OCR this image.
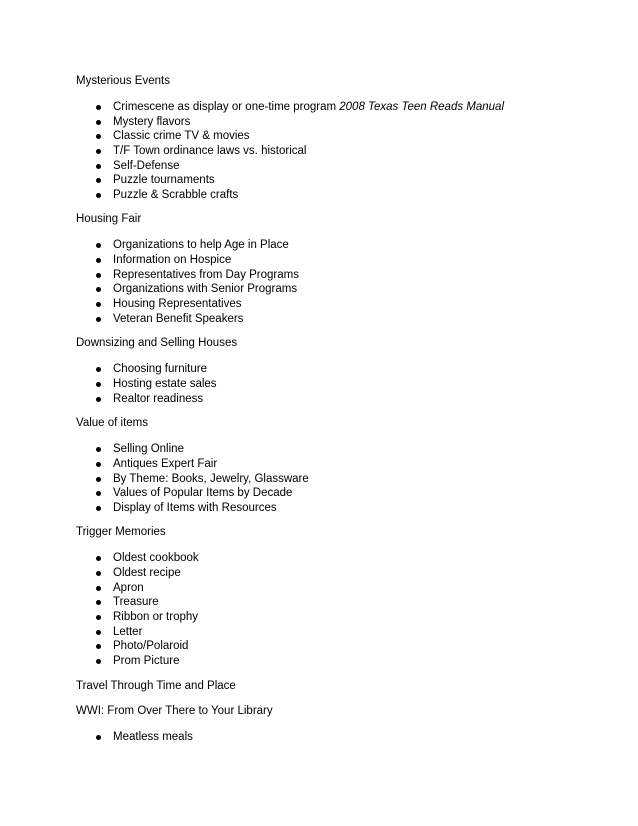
Mysterious Events

Crimescene as display or one-time program 2008 Texas Teen Reads Manual
Mystery flavors
Classic crime TV & movies
T/F Town ordinance laws vs. historical
Self-Defense
Puzzle tournaments
Puzzle & Scrabble crafts

Housing Fair

Organizations to help Age in Place
Information on Hospice
Representatives from Day Programs
Organizations with Senior Programs
Housing Representatives
Veteran Benefit Speakers

Downsizing and Selling Houses

Choosing furniture
Hosting estate sales
Realtor readiness

Value of items

Selling Online
Antiques Expert Fair
By Theme: Books, Jewelry, Glassware
Values of Popular Items by Decade
Display of Items with Resources

Trigger Memories

Oldest cookbook
Oldest recipe
Apron
Treasure
Ribbon or trophy
Letter
Photo/Polaroid
Prom Picture

Travel Through Time and Place

WWI: From Over There to Your Library

Meatless meals
